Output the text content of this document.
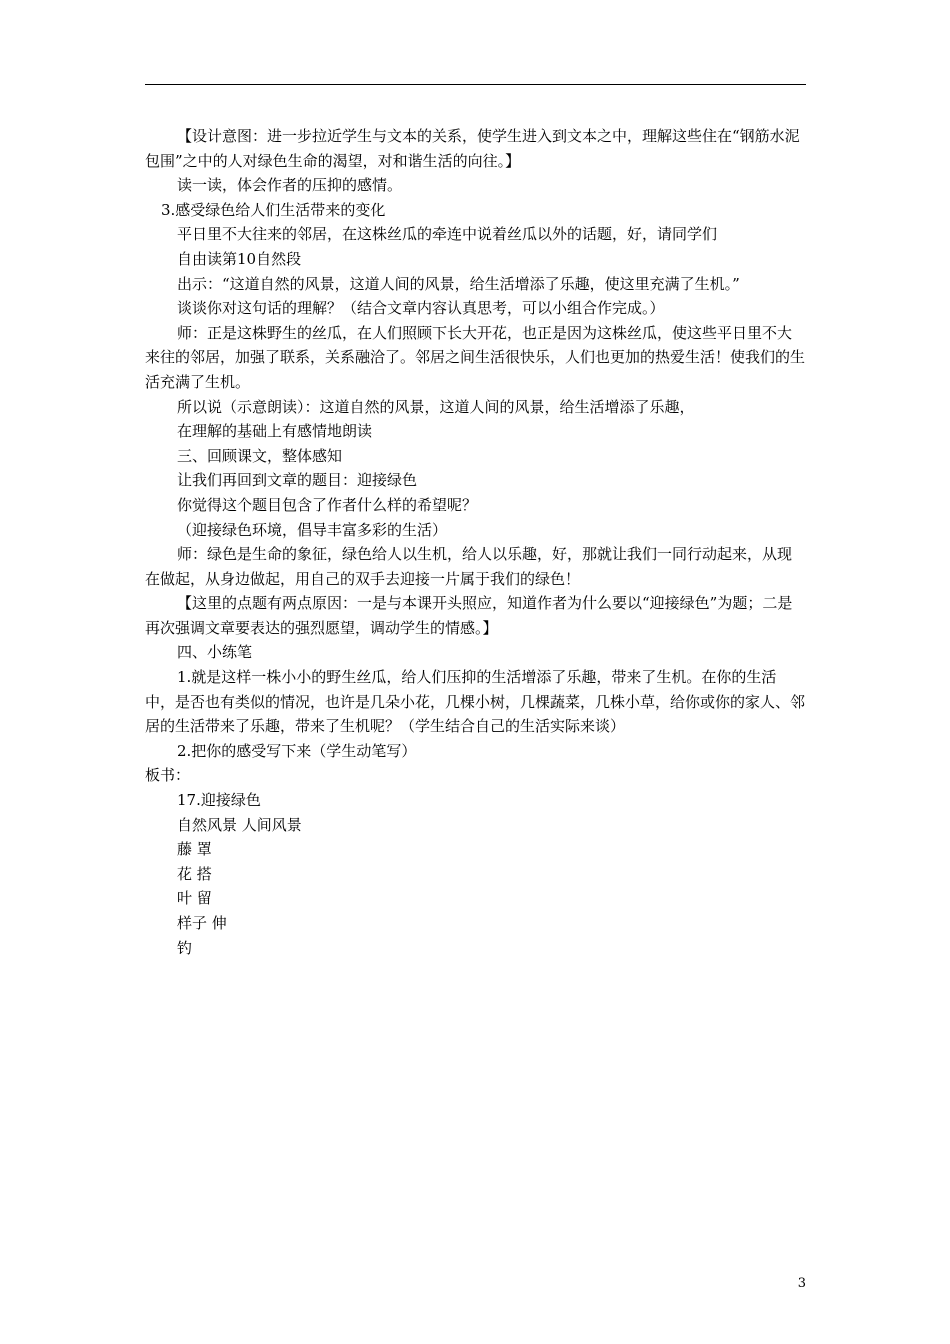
【设计意图：进一步拉近学生与文本的关系，使学生进入到文本之中，理解这些住在“钢筋水泥包围”之中的人对绿色生命的渴望，对和谐生活的向往。】
读一读，体会作者的压抑的感情。
3.感受绿色给人们生活带来的变化
平日里不大往来的邻居，在这株丝瓜的牵连中说着丝瓜以外的话题，好，请同学们
自由读第10自然段
出示：“这道自然的风景，这道人间的风景，给生活增添了乐趣，使这里充满了生机。”
谈谈你对这句话的理解？（结合文章内容认真思考，可以小组合作完成。）
师：正是这株野生的丝瓜，在人们照顾下长大开花，也正是因为这株丝瓜，使这些平日里不大来往的邻居，加强了联系，关系融洽了。邻居之间生活很快乐，人们也更加的热爱生活！使我们的生活充满了生机。
所以说（示意朗读）：这道自然的风景，这道人间的风景，给生活增添了乐趣，
在理解的基础上有感情地朗读
三、回顾课文，整体感知
让我们再回到文章的题目：迎接绿色
你觉得这个题目包含了作者什么样的希望呢？
（迎接绿色环境，倡导丰富多彩的生活）
师：绿色是生命的象征，绿色给人以生机，给人以乐趣，好，那就让我们一同行动起来，从现在做起，从身边做起，用自己的双手去迎接一片属于我们的绿色！
【这里的点题有两点原因：一是与本课开头照应，知道作者为什么要以“迎接绿色”为题；二是再次强调文章要表达的强烈愿望，调动学生的情感。】
四、小练笔
1.就是这样一株小小的野生丝瓜，给人们压抑的生活增添了乐趣，带来了生机。在你的生活中，是否也有类似的情况，也许是几朵小花，几棵小树，几棵蔬菜，几株小草，给你或你的家人、邻居的生活带来了乐趣，带来了生机呢？（学生结合自己的生活实际来谈）
2.把你的感受写下来（学生动笔写）
板书：
17.迎接绿色
自然风景 人间风景
藤 罩
花 搭
叶 留
样子 伸
钓
3
